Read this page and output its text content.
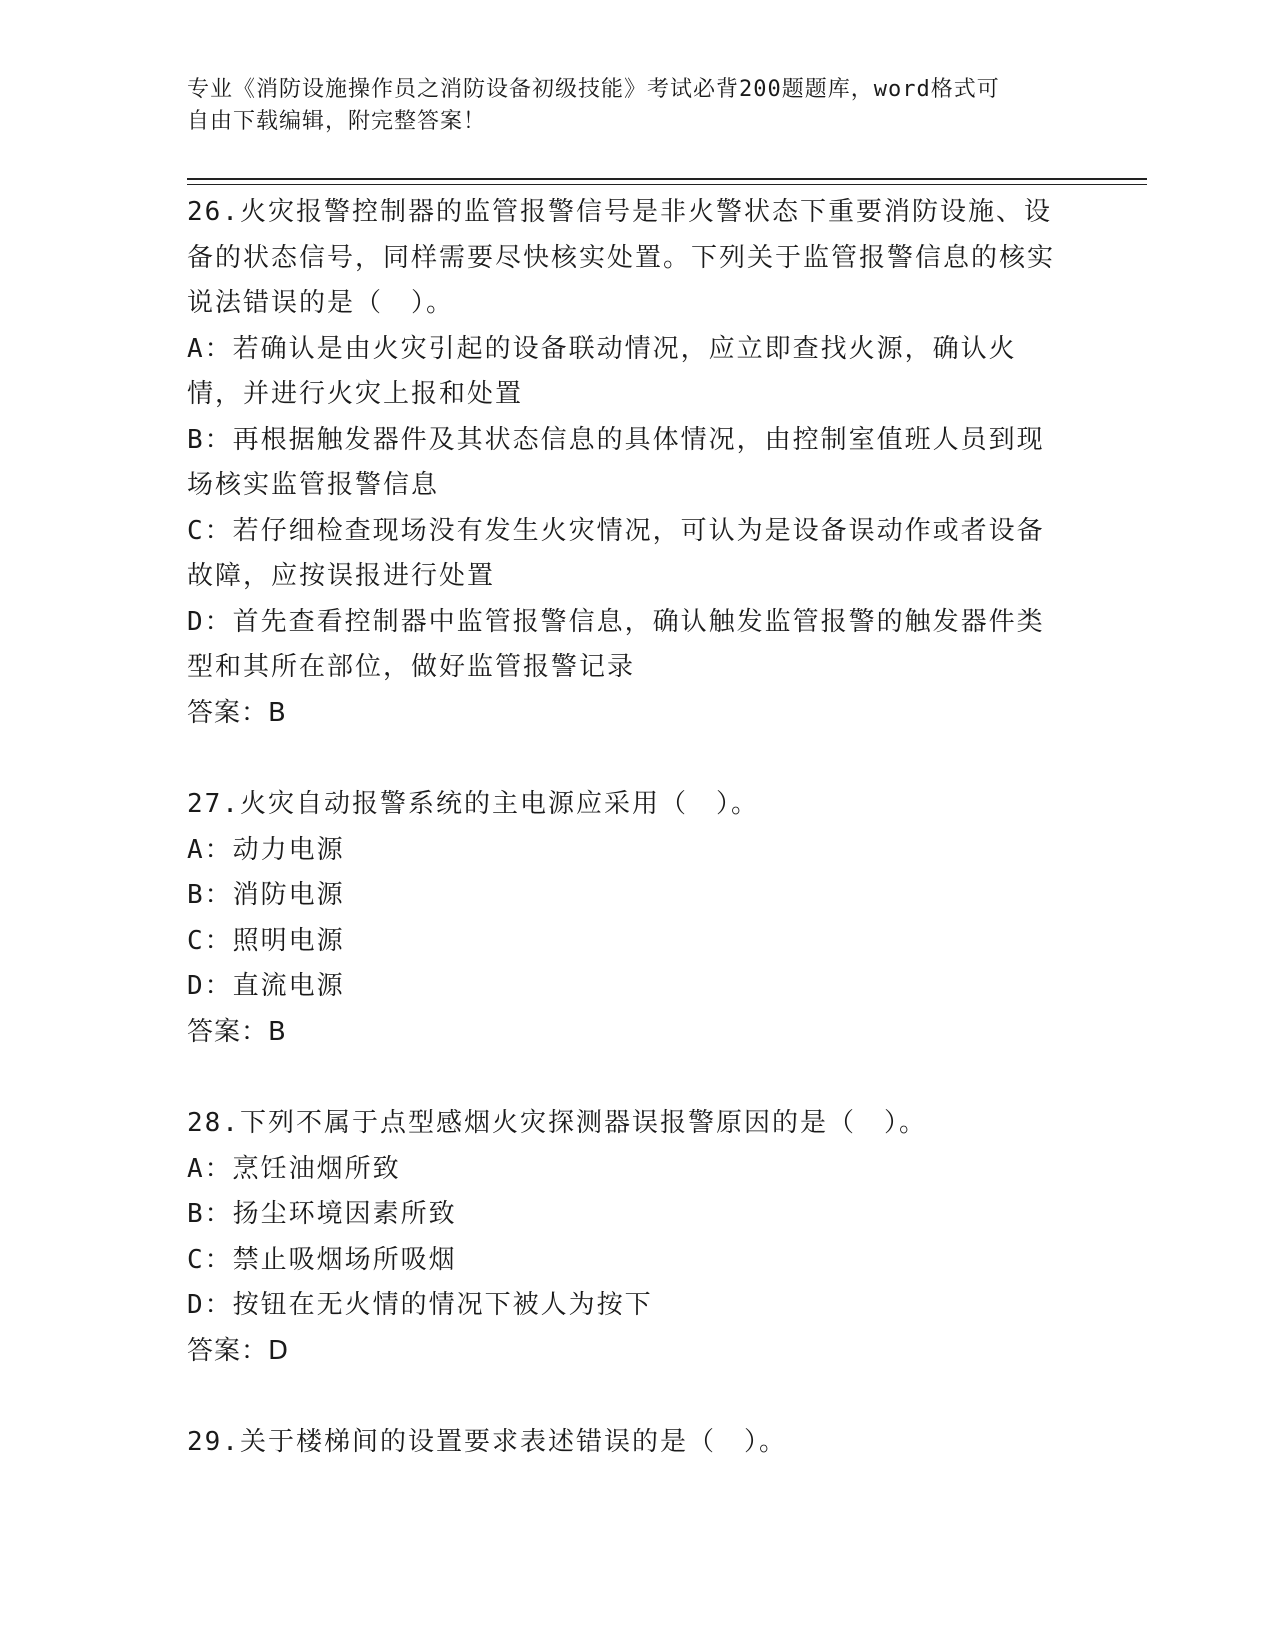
专业《消防设施操作员之消防设备初级技能》考试必背200题题库，word格式可
自由下载编辑，附完整答案！

26.火灾报警控制器的监管报警信号是非火警状态下重要消防设施、设备的状态信号，同样需要尽快核实处置。下列关于监管报警信息的核实说法错误的是（　）。

A：若确认是由火灾引起的设备联动情况，应立即查找火源，确认火情，并进行火灾上报和处置

B：再根据触发器件及其状态信息的具体情况，由控制室值班人员到现场核实监管报警信息

C：若仔细检查现场没有发生火灾情况，可认为是设备误动作或者设备故障，应按误报进行处置

D：首先查看控制器中监管报警信息，确认触发监管报警的触发器件类型和其所在部位，做好监管报警记录

答案：B

27.火灾自动报警系统的主电源应采用（　）。

A：动力电源

B：消防电源

C：照明电源

D：直流电源

答案：B

28.下列不属于点型感烟火灾探测器误报警原因的是（　）。

A：烹饪油烟所致

B：扬尘环境因素所致

C：禁止吸烟场所吸烟

D：按钮在无火情的情况下被人为按下

答案：D

29.关于楼梯间的设置要求表述错误的是（　）。
